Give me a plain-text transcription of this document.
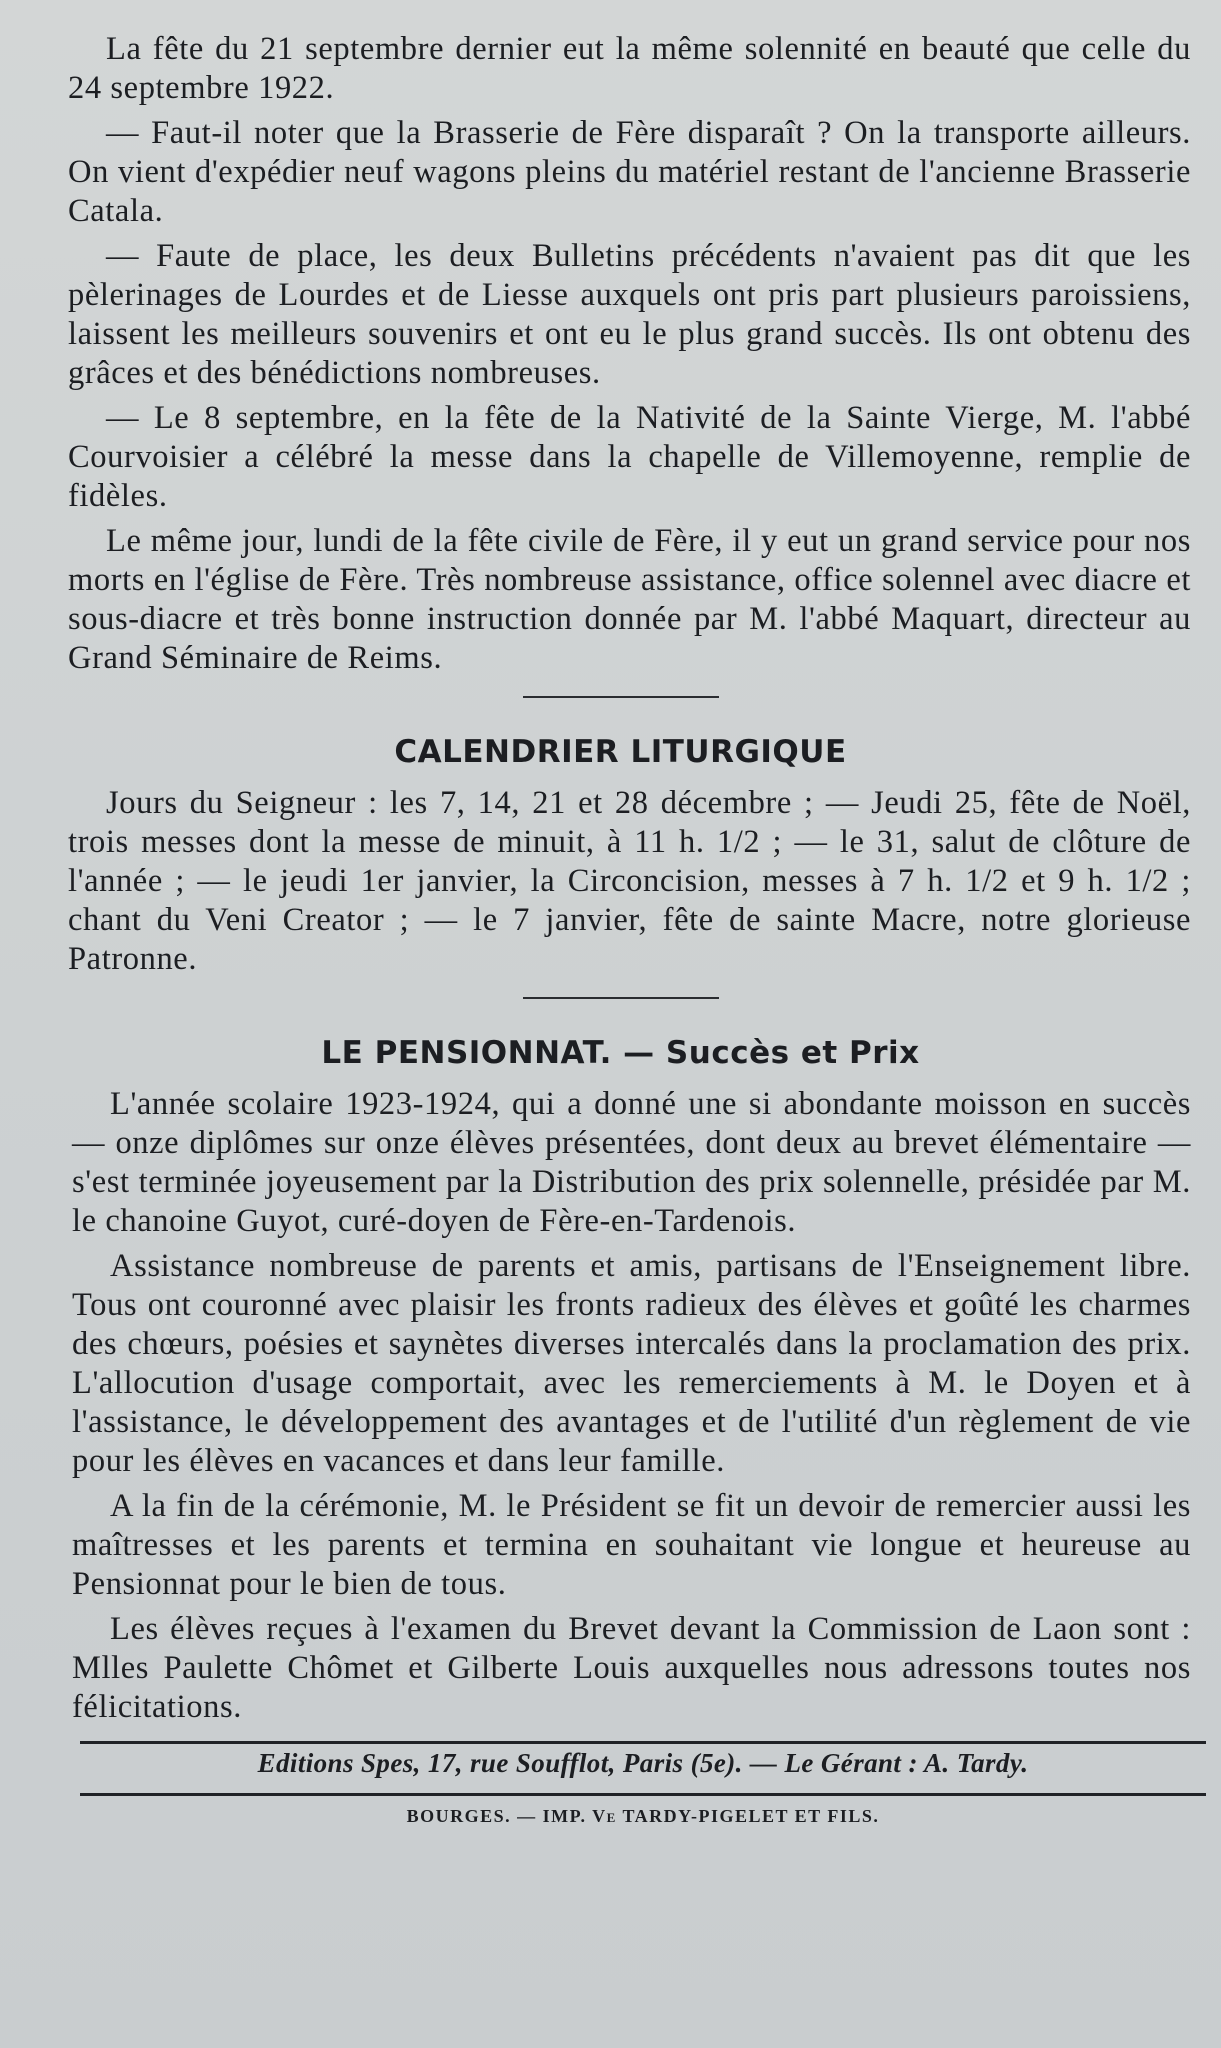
La fête du 21 septembre dernier eut la même solennité en beauté que celle du 24 septembre 1922.

— Faut-il noter que la Brasserie de Fère disparaît ? On la transporte ailleurs. On vient d'expédier neuf wagons pleins du matériel restant de l'ancienne Brasserie Catala.

— Faute de place, les deux Bulletins précédents n'avaient pas dit que les pèlerinages de Lourdes et de Liesse auxquels ont pris part plusieurs paroissiens, laissent les meilleurs souvenirs et ont eu le plus grand succès. Ils ont obtenu des grâces et des bénédictions nombreuses.

— Le 8 septembre, en la fête de la Nativité de la Sainte Vierge, M. l'abbé Courvoisier a célébré la messe dans la chapelle de Villemoyenne, remplie de fidèles.

Le même jour, lundi de la fête civile de Fère, il y eut un grand service pour nos morts en l'église de Fère. Très nombreuse assistance, office solennel avec diacre et sous-diacre et très bonne instruction donnée par M. l'abbé Maquart, directeur au Grand Séminaire de Reims.

CALENDRIER LITURGIQUE

Jours du Seigneur : les 7, 14, 21 et 28 décembre ; — Jeudi 25, fête de Noël, trois messes dont la messe de minuit, à 11 h. 1/2 ; — le 31, salut de clôture de l'année ; — le jeudi 1er janvier, la Circoncision, messes à 7 h. 1/2 et 9 h. 1/2 ; chant du Veni Creator ; — le 7 janvier, fête de sainte Macre, notre glorieuse Patronne.

LE PENSIONNAT. — Succès et Prix

L'année scolaire 1923-1924, qui a donné une si abondante moisson en succès — onze diplômes sur onze élèves présentées, dont deux au brevet élémentaire — s'est terminée joyeusement par la Distribution des prix solennelle, présidée par M. le chanoine Guyot, curé-doyen de Fère-en-Tardenois.

Assistance nombreuse de parents et amis, partisans de l'Enseignement libre. Tous ont couronné avec plaisir les fronts radieux des élèves et goûté les charmes des chœurs, poésies et saynètes diverses intercalés dans la proclamation des prix. L'allocution d'usage comportait, avec les remerciements à M. le Doyen et à l'assistance, le développement des avantages et de l'utilité d'un règlement de vie pour les élèves en vacances et dans leur famille.

A la fin de la cérémonie, M. le Président se fit un devoir de remercier aussi les maîtresses et les parents et termina en souhaitant vie longue et heureuse au Pensionnat pour le bien de tous.

Les élèves reçues à l'examen du Brevet devant la Commission de Laon sont : Mlles Paulette Chômet et Gilberte Louis auxquelles nous adressons toutes nos félicitations.

Editions Spes, 17, rue Soufflot, Paris (5e). — Le Gérant : A. Tardy.
BOURGES. — IMP. Ve TARDY-PIGELET ET FILS.
